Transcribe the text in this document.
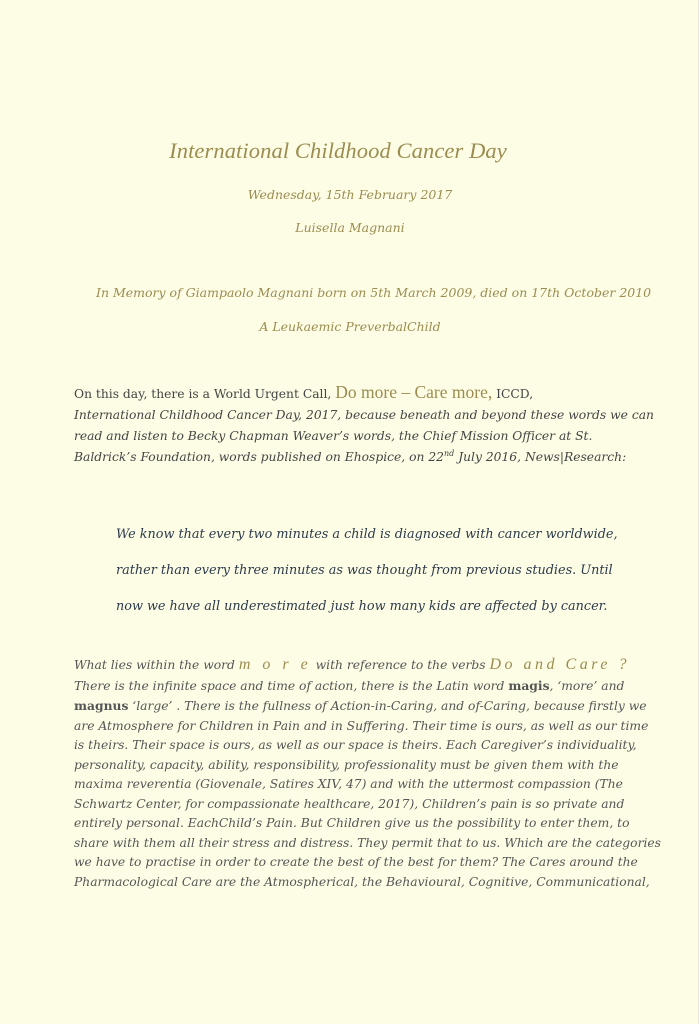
International Childhood Cancer Day
Wednesday, 15th February 2017
Luisella Magnani
In Memory of Giampaolo Magnani born on 5th March 2009, died on 17th October 2010
A Leukaemic PreverbalChild
On this day, there is a World Urgent Call, Do more – Care more, ICCD,
International Childhood Cancer Day, 2017, because beneath and beyond these words we can
read and listen to Becky Chapman Weaver’s words, the Chief Mission Officer at St.
Baldrick’s Foundation, words published on Ehospice, on 22nd July 2016, News|Research:
We know that every two minutes a child is diagnosed with cancer worldwide,
rather than every three minutes as was thought from previous studies. Until
now we have all underestimated just how many kids are affected by cancer.
What lies within the word m o r e with reference to the verbs Do and Care ?
There is the infinite space and time of action, there is the Latin word magis, ‘more’ and
magnus ‘large’ . There is the fullness of Action-in-Caring, and of-Caring, because firstly we
are Atmosphere for Children in Pain and in Suffering. Their time is ours, as well as our time
is theirs. Their space is ours, as well as our space is theirs. Each Caregiver’s individuality,
personality, capacity, ability, responsibility, professionality must be given them with the
maxima reverentia (Giovenale, Satires XIV, 47) and with the uttermost compassion (The
Schwartz Center, for compassionate healthcare, 2017), Children’s pain is so private and
entirely personal. EachChild’s Pain. But Children give us the possibility to enter them, to
share with them all their stress and distress. They permit that to us. Which are the categories
we have to practise in order to create the best of the best for them? The Cares around the
Pharmacological Care are the Atmospherical, the Behavioural, Cognitive, Communicational,
